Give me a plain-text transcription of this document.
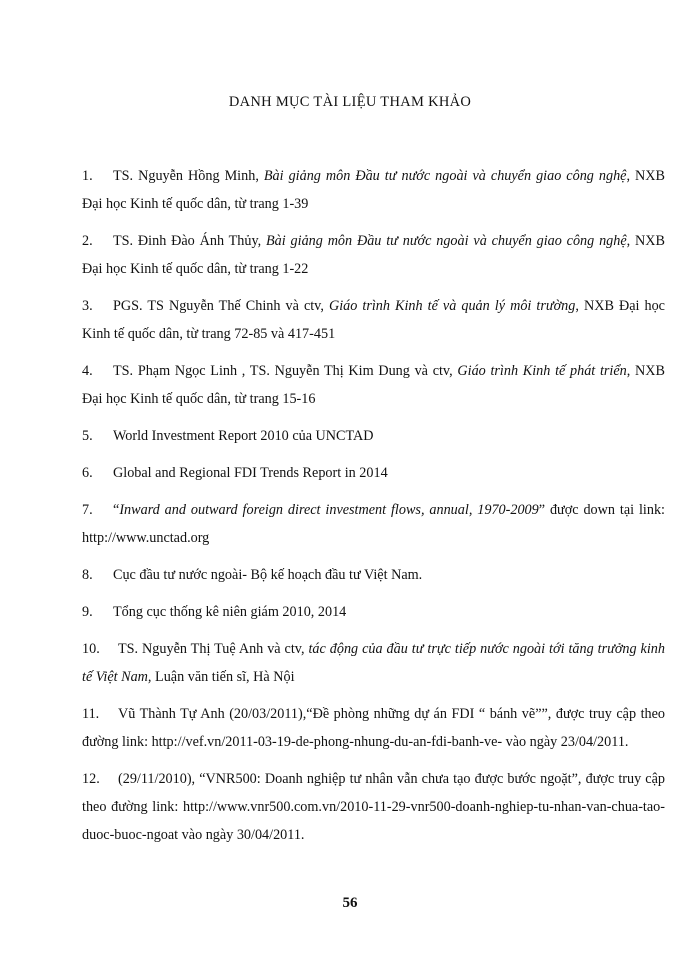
DANH MỤC TÀI LIỆU THAM KHẢO
1. TS. Nguyễn Hồng Minh, Bài giảng môn Đầu tư nước ngoài và chuyển giao công nghệ, NXB Đại học Kinh tế quốc dân, từ trang 1-39
2. TS. Đinh Đào Ánh Thủy, Bài giảng môn Đầu tư nước ngoài và chuyển giao công nghệ, NXB Đại học Kinh tế quốc dân, từ trang 1-22
3. PGS. TS Nguyễn Thế Chinh và ctv, Giáo trình Kinh tế và quản lý môi trường, NXB Đại học Kinh tế quốc dân, từ trang 72-85 và 417-451
4. TS. Phạm Ngọc Linh , TS. Nguyễn Thị Kim Dung và ctv, Giáo trình Kinh tế phát triển, NXB Đại học Kinh tế quốc dân, từ trang 15-16
5. World Investment Report 2010 của UNCTAD
6. Global and Regional FDI Trends Report in 2014
7. “Inward and outward foreign direct investment flows, annual, 1970-2009” được down tại link: http://www.unctad.org
8. Cục đầu tư nước ngoài- Bộ kế hoạch đầu tư Việt Nam.
9. Tổng cục thống kê niên giám 2010, 2014
10. TS. Nguyễn Thị Tuệ Anh và ctv, tác động của đầu tư trực tiếp nước ngoài tới tăng trưởng kinh tế Việt Nam, Luận văn tiến sĩ, Hà Nội
11. Vũ Thành Tự Anh (20/03/2011),“Đề phòng những dự án FDI “ bánh vẽ””, được truy cập theo đường link: http://vef.vn/2011-03-19-de-phong-nhung-du-an-fdi-banh-ve- vào ngày 23/04/2011.
12. (29/11/2010), “VNR500: Doanh nghiệp tư nhân vẫn chưa tạo được bước ngoặt”, được truy cập theo đường link: http://www.vnr500.com.vn/2010-11-29-vnr500-doanh-nghiep-tu-nhan-van-chua-tao-duoc-buoc-ngoat vào ngày 30/04/2011.
56
